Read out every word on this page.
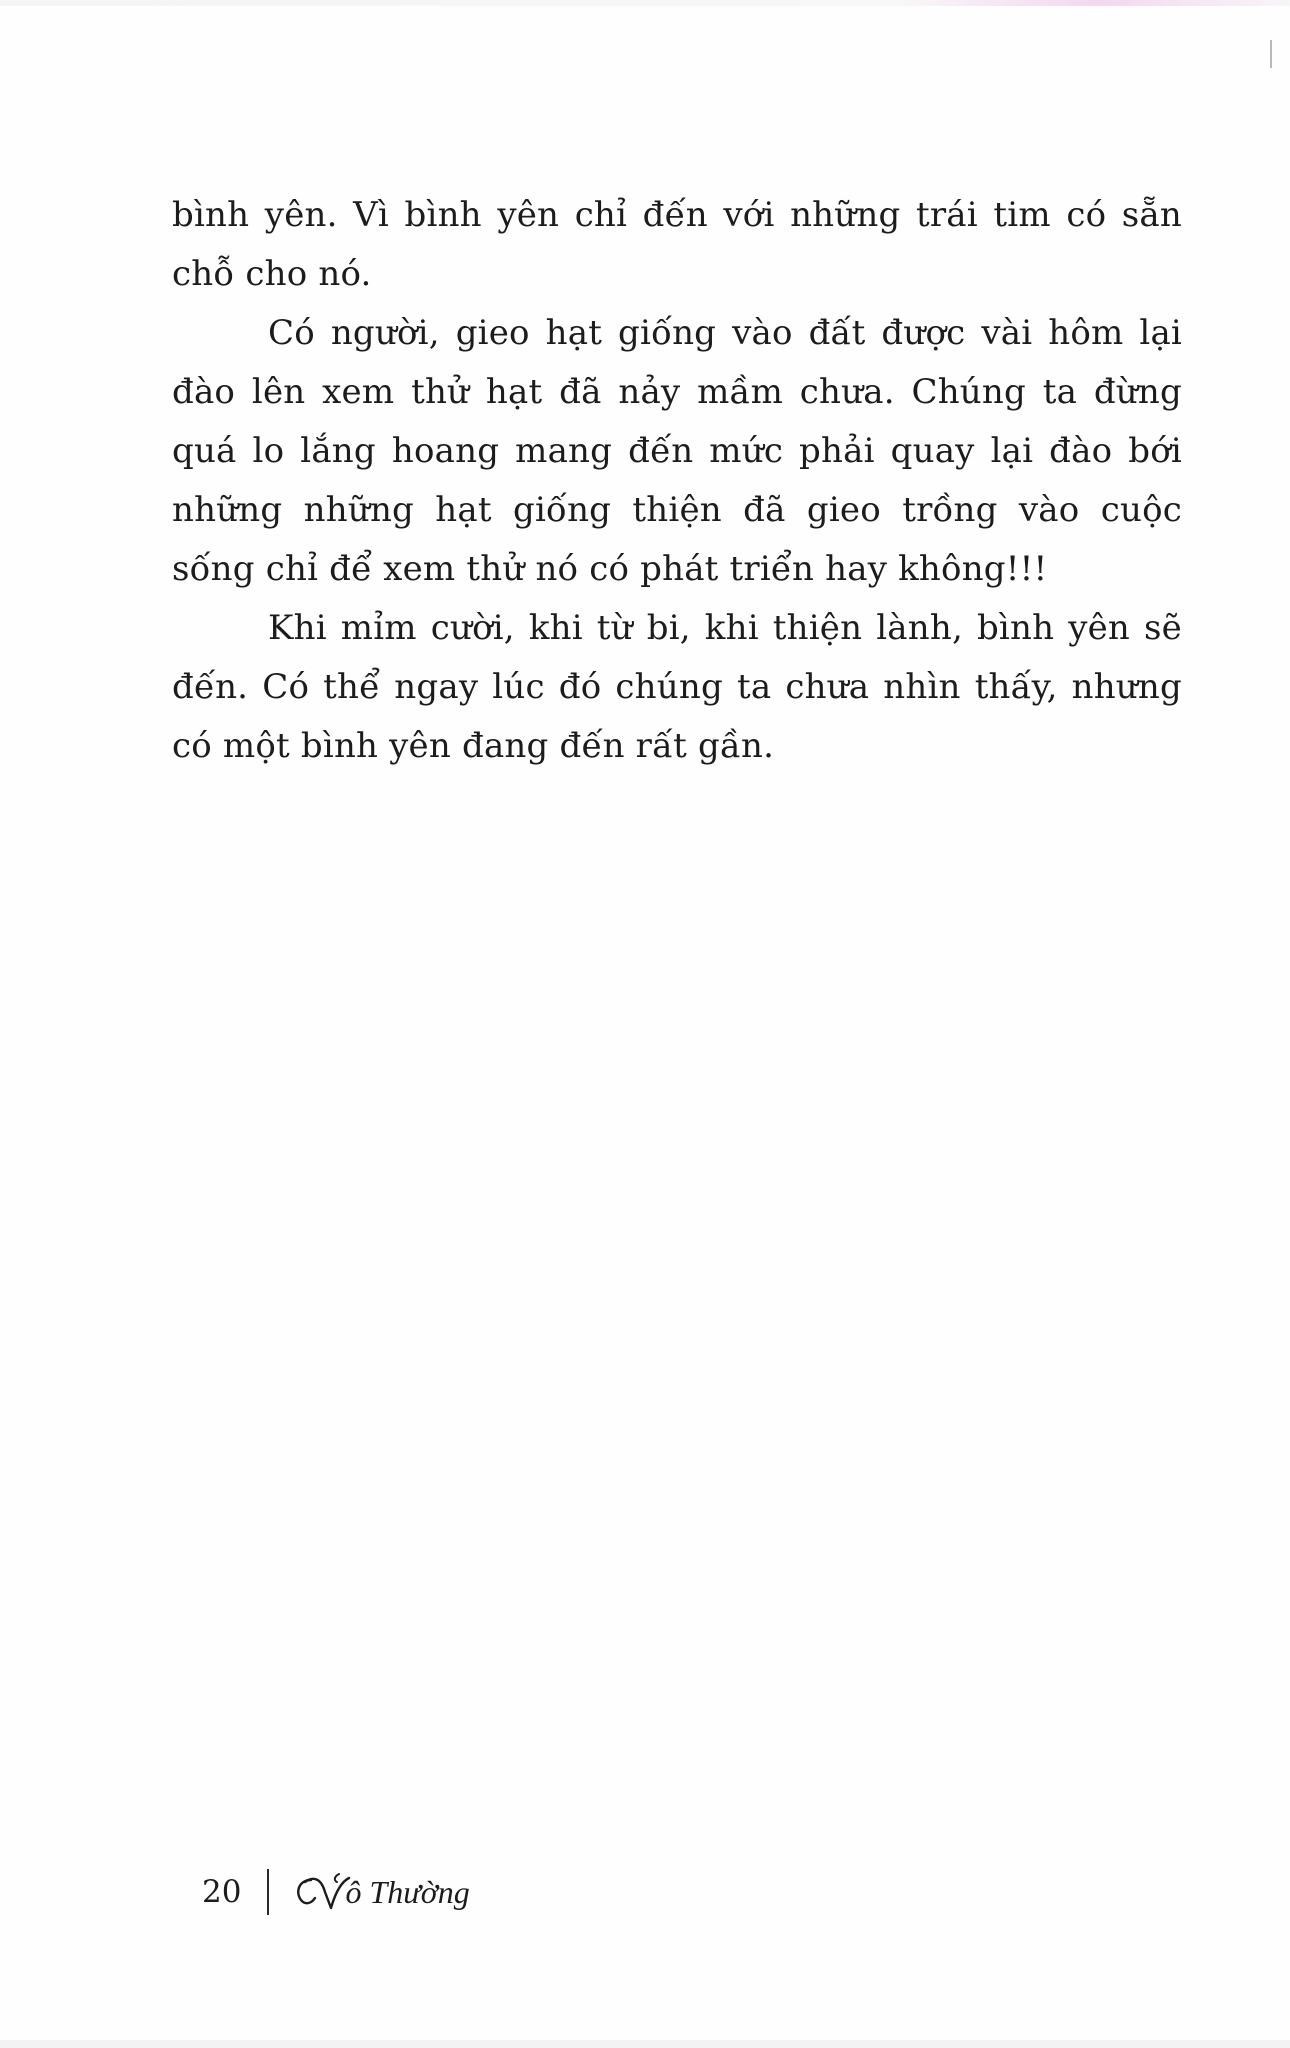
bình yên. Vì bình yên chỉ đến với những trái tim có sẵn chỗ cho nó.

Có người, gieo hạt giống vào đất được vài hôm lại đào lên xem thử hạt đã nảy mầm chưa. Chúng ta đừng quá lo lắng hoang mang đến mức phải quay lại đào bới những những hạt giống thiện đã gieo trồng vào cuộc sống chỉ để xem thử nó có phát triển hay không!!!

Khi mỉm cười, khi từ bi, khi thiện lành, bình yên sẽ đến. Có thể ngay lúc đó chúng ta chưa nhìn thấy, nhưng có một bình yên đang đến rất gần.

20	ô Thường
